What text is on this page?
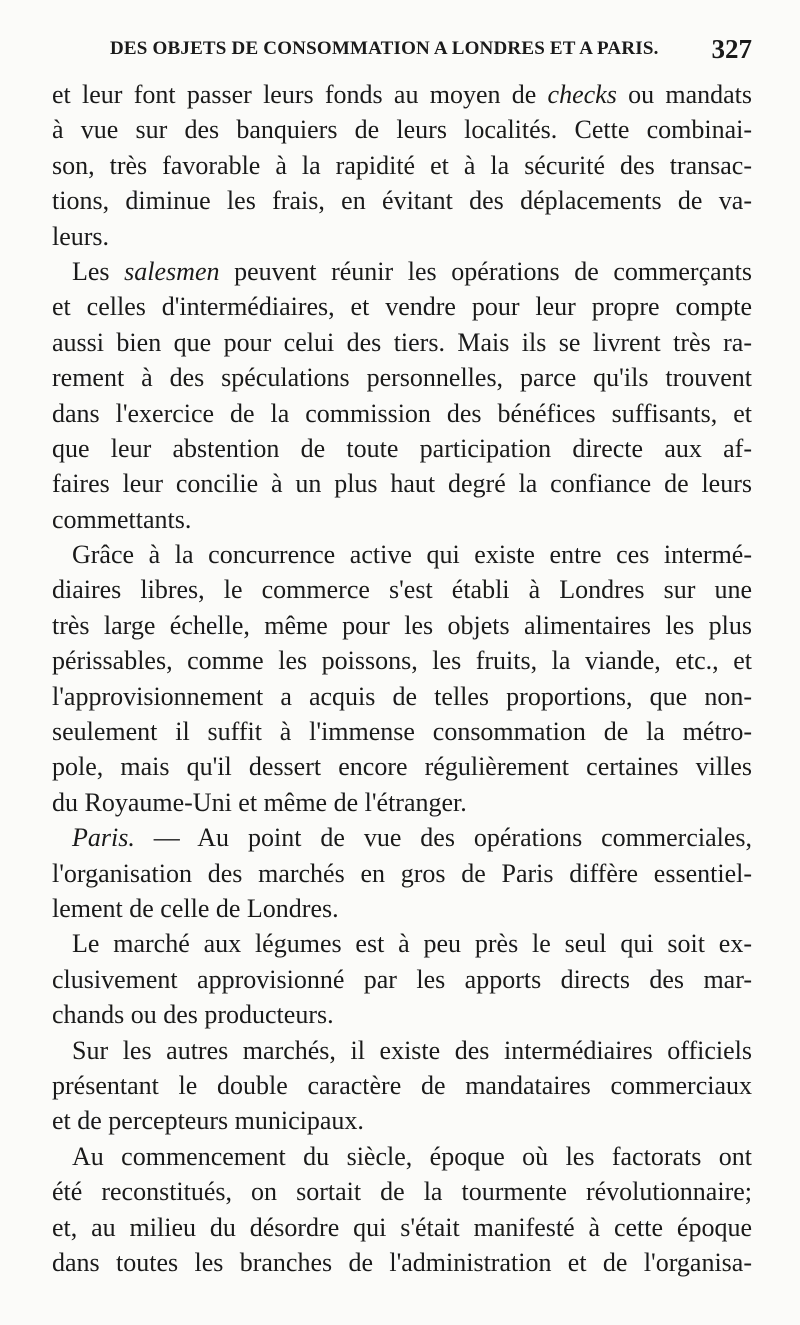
DES OBJETS DE CONSOMMATION A LONDRES ET A PARIS. 327
et leur font passer leurs fonds au moyen de checks ou mandats
à vue sur des banquiers de leurs localités. Cette combinai-
son, très favorable à la rapidité et à la sécurité des transac-
tions, diminue les frais, en évitant des déplacements de va-
leurs.
Les salesmen peuvent réunir les opérations de commerçants
et celles d'intermédiaires, et vendre pour leur propre compte
aussi bien que pour celui des tiers. Mais ils se livrent très ra-
rement à des spéculations personnelles, parce qu'ils trouvent
dans l'exercice de la commission des bénéfices suffisants, et
que leur abstention de toute participation directe aux af-
faires leur concilie à un plus haut degré la confiance de leurs
commettants.
Grâce à la concurrence active qui existe entre ces intermé-
diaires libres, le commerce s'est établi à Londres sur une
très large échelle, même pour les objets alimentaires les plus
périssables, comme les poissons, les fruits, la viande, etc., et
l'approvisionnement a acquis de telles proportions, que non-
seulement il suffit à l'immense consommation de la métro-
pole, mais qu'il dessert encore régulièrement certaines villes
du Royaume-Uni et même de l'étranger.
Paris. — Au point de vue des opérations commerciales,
l'organisation des marchés en gros de Paris diffère essentiel-
lement de celle de Londres.
Le marché aux légumes est à peu près le seul qui soit ex-
clusivement approvisionné par les apports directs des mar-
chands ou des producteurs.
Sur les autres marchés, il existe des intermédiaires officiels
présentant le double caractère de mandataires commerciaux
et de percepteurs municipaux.
Au commencement du siècle, époque où les factorats ont
été reconstitués, on sortait de la tourmente révolutionnaire;
et, au milieu du désordre qui s'était manifesté à cette époque
dans toutes les branches de l'administration et de l'organisa-
